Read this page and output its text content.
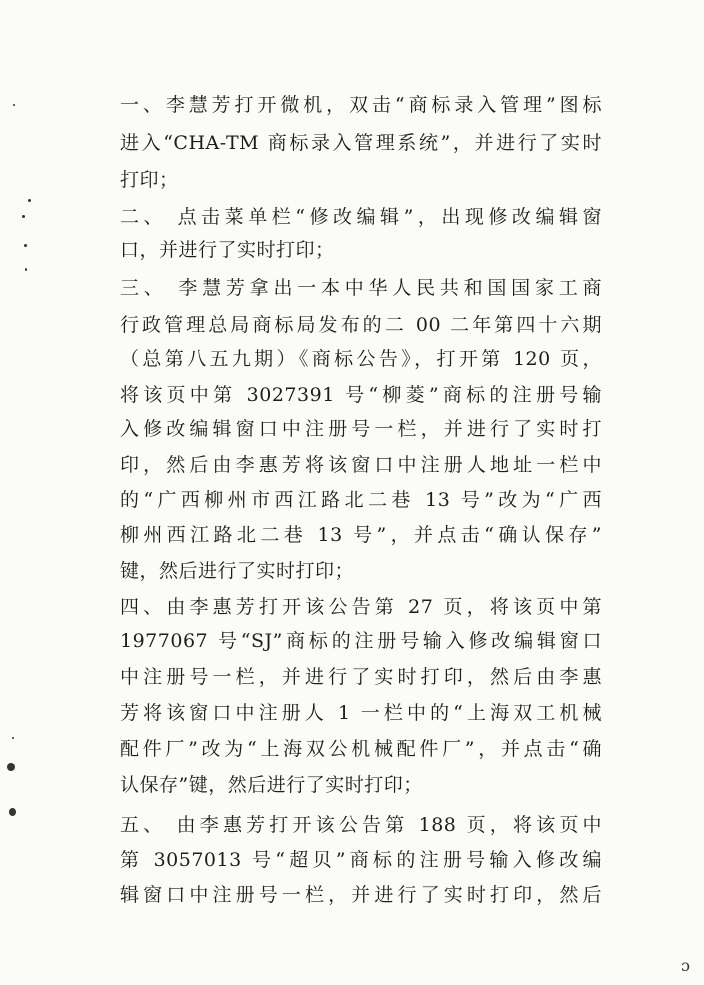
一、李慧芳打开微机，双击“商标录入管理”图标
进入“CHA-TM 商标录入管理系统”，并进行了实时
打印；
二、 点击菜单栏“修改编辑”，出现修改编辑窗
口，并进行了实时打印；
三、 李慧芳拿出一本中华人民共和国国家工商
行政管理总局商标局发布的二 00 二年第四十六期
（总第八五九期）《商标公告》，打开第 120 页，
将该页中第 3027391 号“柳菱”商标的注册号输
入修改编辑窗口中注册号一栏，并进行了实时打
印，然后由李惠芳将该窗口中注册人地址一栏中
的“广西柳州市西江路北二巷 13 号”改为“广西
柳州西江路北二巷 13 号”，并点击“确认保存”
键，然后进行了实时打印；
四、由李惠芳打开该公告第 27 页，将该页中第
1977067 号“SJ”商标的注册号输入修改编辑窗口
中注册号一栏，并进行了实时打印，然后由李惠
芳将该窗口中注册人 1 一栏中的“上海双工机械
配件厂”改为“上海双公机械配件厂”，并点击“确
认保存”键，然后进行了实时打印；
五、 由李惠芳打开该公告第 188 页，将该页中
第 3057013 号“超贝”商标的注册号输入修改编
辑窗口中注册号一栏，并进行了实时打印，然后
ɔ
